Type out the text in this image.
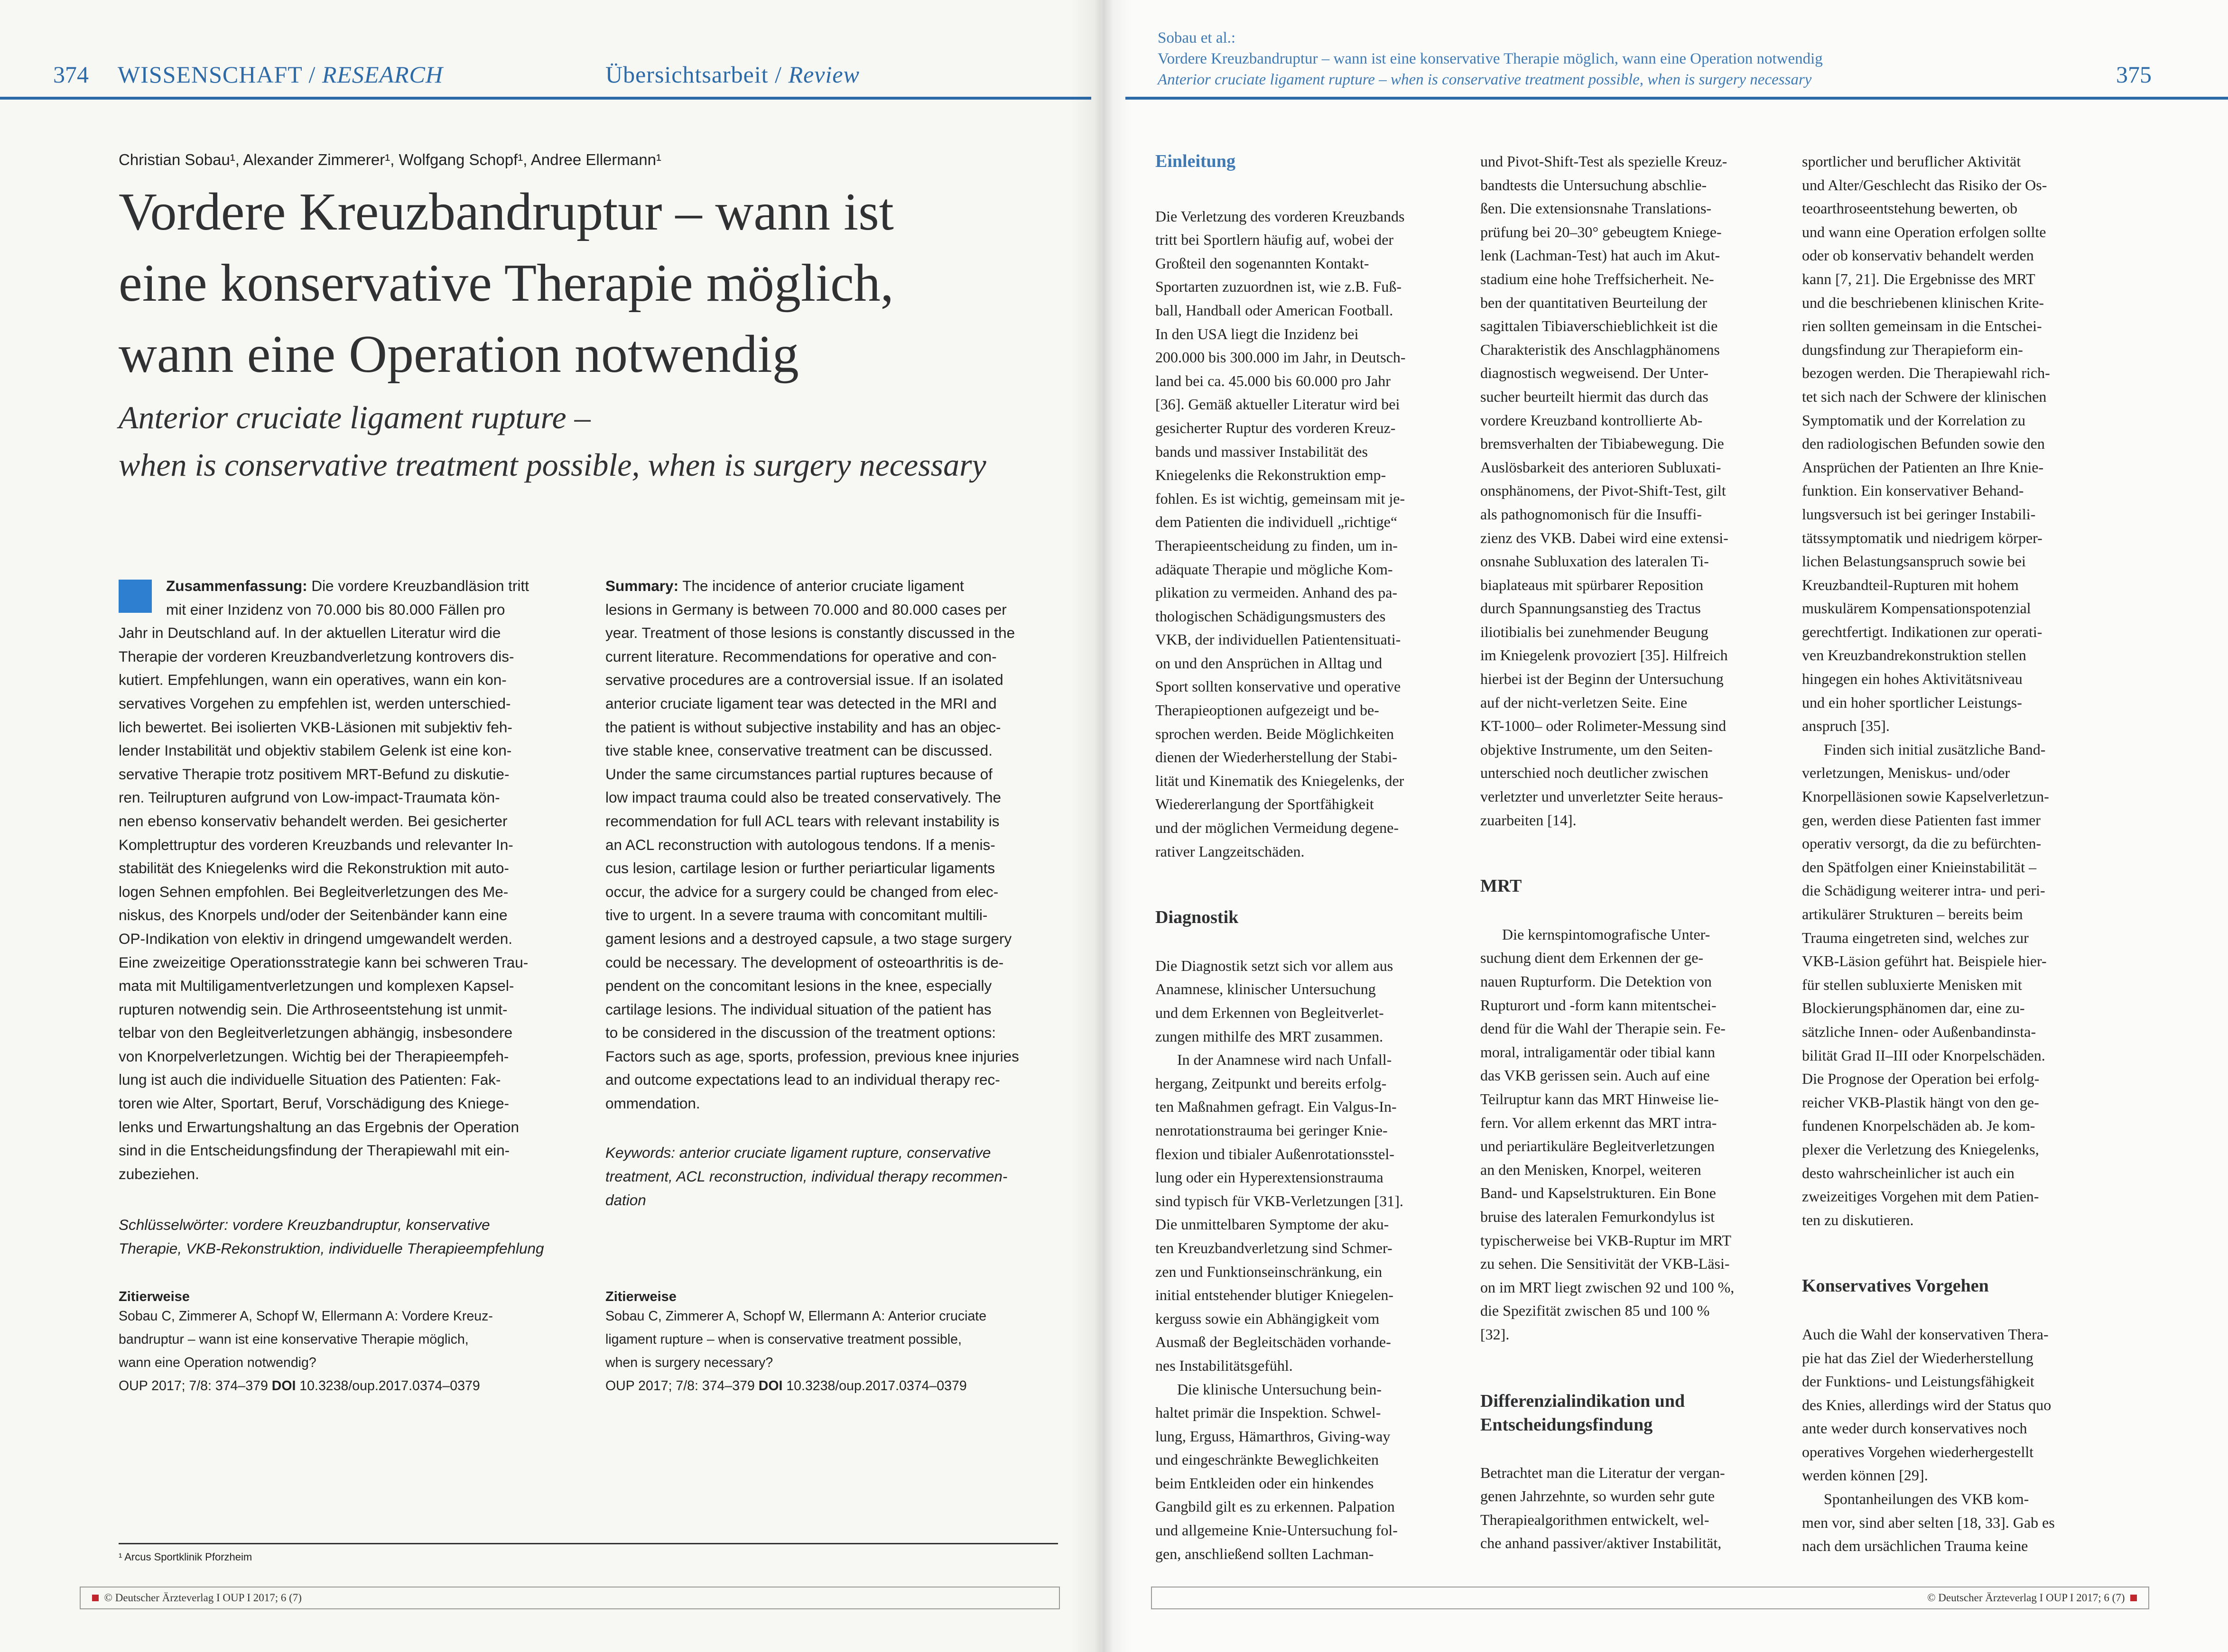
374 WISSENSCHAFT / RESEARCH	Übersichtsarbeit / Review
Christian Sobau¹, Alexander Zimmerer¹, Wolfgang Schopf¹, Andree Ellermann¹
Vordere Kreuzbandruptur – wann ist
eine konservative Therapie möglich,
wann eine Operation notwendig
Anterior cruciate ligament rupture –
when is conservative treatment possible, when is surgery necessary
Zusammenfassung: Die vordere Kreuzbandläsion tritt
mit einer Inzidenz von 70.000 bis 80.000 Fällen pro
Jahr in Deutschland auf. In der aktuellen Literatur wird die
Therapie der vorderen Kreuzbandverletzung kontrovers dis-
kutiert. Empfehlungen, wann ein operatives, wann ein kon-
servatives Vorgehen zu empfehlen ist, werden unterschied-
lich bewertet. Bei isolierten VKB-Läsionen mit subjektiv feh-
lender Instabilität und objektiv stabilem Gelenk ist eine kon-
servative Therapie trotz positivem MRT-Befund zu diskutie-
ren. Teilrupturen aufgrund von Low-impact-Traumata kön-
nen ebenso konservativ behandelt werden. Bei gesicherter
Komplettruptur des vorderen Kreuzbands und relevanter In-
stabilität des Kniegelenks wird die Rekonstruktion mit auto-
logen Sehnen empfohlen. Bei Begleitverletzungen des Me-
niskus, des Knorpels und/oder der Seitenbänder kann eine
OP-Indikation von elektiv in dringend umgewandelt werden.
Eine zweizeitige Operationsstrategie kann bei schweren Trau-
mata mit Multiligamentverletzungen und komplexen Kapsel-
rupturen notwendig sein. Die Arthroseentstehung ist unmit-
telbar von den Begleitverletzungen abhängig, insbesondere
von Knorpelverletzungen. Wichtig bei der Therapieempfeh-
lung ist auch die individuelle Situation des Patienten: Fak-
toren wie Alter, Sportart, Beruf, Vorschädigung des Kniege-
lenks und Erwartungshaltung an das Ergebnis der Operation
sind in die Entscheidungsfindung der Therapiewahl mit ein-
zubeziehen.
Schlüsselwörter: vordere Kreuzbandruptur, konservative
Therapie, VKB-Rekonstruktion, individuelle Therapieempfehlung
Zitierweise
Sobau C, Zimmerer A, Schopf W, Ellermann A: Vordere Kreuz-
bandruptur – wann ist eine konservative Therapie möglich,
wann eine Operation notwendig?
OUP 2017; 7/8: 374–379 DOI 10.3238/oup.2017.0374–0379
Summary: The incidence of anterior cruciate ligament
lesions in Germany is between 70.000 and 80.000 cases per
year. Treatment of those lesions is constantly discussed in the
current literature. Recommendations for operative and con-
servative procedures are a controversial issue. If an isolated
anterior cruciate ligament tear was detected in the MRI and
the patient is without subjective instability and has an objec-
tive stable knee, conservative treatment can be discussed.
Under the same circumstances partial ruptures because of
low impact trauma could also be treated conservatively. The
recommendation for full ACL tears with relevant instability is
an ACL reconstruction with autologous tendons. If a menis-
cus lesion, cartilage lesion or further periarticular ligaments
occur, the advice for a surgery could be changed from elec-
tive to urgent. In a severe trauma with concomitant multili-
gament lesions and a destroyed capsule, a two stage surgery
could be necessary. The development of osteoarthritis is de-
pendent on the concomitant lesions in the knee, especially
cartilage lesions. The individual situation of the patient has
to be considered in the discussion of the treatment options:
Factors such as age, sports, profession, previous knee injuries
and outcome expectations lead to an individual therapy rec-
ommendation.
Keywords: anterior cruciate ligament rupture, conservative
treatment, ACL reconstruction, individual therapy recommen-
dation
Zitierweise
Sobau C, Zimmerer A, Schopf W, Ellermann A: Anterior cruciate
ligament rupture – when is conservative treatment possible,
when is surgery necessary?
OUP 2017; 7/8: 374–379 DOI 10.3238/oup.2017.0374–0379
¹ Arcus Sportklinik Pforzheim
© Deutscher Ärzteverlag I OUP I 2017; 6 (7)
Sobau et al.:
Vordere Kreuzbandruptur – wann ist eine konservative Therapie möglich, wann eine Operation notwendig
Anterior cruciate ligament rupture – when is conservative treatment possible, when is surgery necessary	375

Einleitung

Die Verletzung des vorderen Kreuzbands
tritt bei Sportlern häufig auf, wobei der
Großteil den sogenannten Kontakt-
Sportarten zuzuordnen ist, wie z.B. Fuß-
ball, Handball oder American Football.
In den USA liegt die Inzidenz bei
200.000 bis 300.000 im Jahr, in Deutsch-
land bei ca. 45.000 bis 60.000 pro Jahr
[36]. Gemäß aktueller Literatur wird bei
gesicherter Ruptur des vorderen Kreuz-
bands und massiver Instabilität des
Kniegelenks die Rekonstruktion emp-
fohlen. Es ist wichtig, gemeinsam mit je-
dem Patienten die individuell „richtige“
Therapieentscheidung zu finden, um in-
adäquate Therapie und mögliche Kom-
plikation zu vermeiden. Anhand des pa-
thologischen Schädigungsmusters des
VKB, der individuellen Patientensituati-
on und den Ansprüchen in Alltag und
Sport sollten konservative und operative
Therapieoptionen aufgezeigt und be-
sprochen werden. Beide Möglichkeiten
dienen der Wiederherstellung der Stabi-
lität und Kinematik des Kniegelenks, der
Wiedererlangung der Sportfähigkeit
und der möglichen Vermeidung degene-
rativer Langzeitschäden.

Diagnostik

Die Diagnostik setzt sich vor allem aus
Anamnese, klinischer Untersuchung
und dem Erkennen von Begleitverlet-
zungen mithilfe des MRT zusammen.
In der Anamnese wird nach Unfall-
hergang, Zeitpunkt und bereits erfolg-
ten Maßnahmen gefragt. Ein Valgus-In-
nenrotationstrauma bei geringer Knie-
flexion und tibialer Außenrotationsstel-
lung oder ein Hyperextensionstrauma
sind typisch für VKB-Verletzungen [31].
Die unmittelbaren Symptome der aku-
ten Kreuzbandverletzung sind Schmer-
zen und Funktionseinschränkung, ein
initial entstehender blutiger Kniegelen-
kerguss sowie ein Abhängigkeit vom
Ausmaß der Begleitschäden vorhande-
nes Instabilitätsgefühl.
Die klinische Untersuchung bein-
haltet primär die Inspektion. Schwel-
lung, Erguss, Hämarthros, Giving-way
und eingeschränkte Beweglichkeiten
beim Entkleiden oder ein hinkendes
Gangbild gilt es zu erkennen. Palpation
und allgemeine Knie-Untersuchung fol-
gen, anschließend sollten Lachman-
und Pivot-Shift-Test als spezielle Kreuz-
bandtests die Untersuchung abschlie-
ßen. Die extensionsnahe Translations-
prüfung bei 20–30° gebeugtem Kniege-
lenk (Lachman-Test) hat auch im Akut-
stadium eine hohe Treffsicherheit. Ne-
ben der quantitativen Beurteilung der
sagittalen Tibiaverschieblichkeit ist die
Charakteristik des Anschlagphänomens
diagnostisch wegweisend. Der Unter-
sucher beurteilt hiermit das durch das
vordere Kreuzband kontrollierte Ab-
bremsverhalten der Tibiabewegung. Die
Auslösbarkeit des anterioren Subluxati-
onsphänomens, der Pivot-Shift-Test, gilt
als pathognomonisch für die Insuffi-
zienz des VKB. Dabei wird eine extensi-
onsnahe Subluxation des lateralen Ti-
biaplateaus mit spürbarer Reposition
durch Spannungsanstieg des Tractus
iliotibialis bei zunehmender Beugung
im Kniegelenk provoziert [35]. Hilfreich
hierbei ist der Beginn der Untersuchung
auf der nicht-verletzen Seite. Eine
KT-1000– oder Rolimeter-Messung sind
objektive Instrumente, um den Seiten-
unterschied noch deutlicher zwischen
verletzter und unverletzter Seite heraus-
zuarbeiten [14].

MRT

Die kernspintomografische Unter-
suchung dient dem Erkennen der ge-
nauen Rupturform. Die Detektion von
Rupturort und -form kann mitentschei-
dend für die Wahl der Therapie sein. Fe-
moral, intraligamentär oder tibial kann
das VKB gerissen sein. Auch auf eine
Teilruptur kann das MRT Hinweise lie-
fern. Vor allem erkennt das MRT intra-
und periartikuläre Begleitverletzungen
an den Menisken, Knorpel, weiteren
Band- und Kapselstrukturen. Ein Bone
bruise des lateralen Femurkondylus ist
typischerweise bei VKB-Ruptur im MRT
zu sehen. Die Sensitivität der VKB-Läsi-
on im MRT liegt zwischen 92 und 100 %,
die Spezifität zwischen 85 und 100 %
[32].
Differenzialindikation und
Entscheidungsfindung
Betrachtet man die Literatur der vergan-
genen Jahrzehnte, so wurden sehr gute
Therapiealgorithmen entwickelt, wel-
che anhand passiver/aktiver Instabilität,
sportlicher und beruflicher Aktivität
und Alter/Geschlecht das Risiko der Os-
teoarthroseentstehung bewerten, ob
und wann eine Operation erfolgen sollte
oder ob konservativ behandelt werden
kann [7, 21]. Die Ergebnisse des MRT
und die beschriebenen klinischen Krite-
rien sollten gemeinsam in die Entschei-
dungsfindung zur Therapieform ein-
bezogen werden. Die Therapiewahl rich-
tet sich nach der Schwere der klinischen
Symptomatik und der Korrelation zu
den radiologischen Befunden sowie den
Ansprüchen der Patienten an Ihre Knie-
funktion. Ein konservativer Behand-
lungsversuch ist bei geringer Instabili-
tätssymptomatik und niedrigem körper-
lichen Belastungsanspruch sowie bei
Kreuzbandteil-Rupturen mit hohem
muskulärem Kompensationspotenzial
gerechtfertigt. Indikationen zur operati-
ven Kreuzbandrekonstruktion stellen
hingegen ein hohes Aktivitätsniveau
und ein hoher sportlicher Leistungs-
anspruch [35].
Finden sich initial zusätzliche Band-
verletzungen, Meniskus- und/oder
Knorpelläsionen sowie Kapselverletzun-
gen, werden diese Patienten fast immer
operativ versorgt, da die zu befürchten-
den Spätfolgen einer Knieinstabilität –
die Schädigung weiterer intra- und peri-
artikulärer Strukturen – bereits beim
Trauma eingetreten sind, welches zur
VKB-Läsion geführt hat. Beispiele hier-
für stellen subluxierte Menisken mit
Blockierungsphänomen dar, eine zu-
sätzliche Innen- oder Außenbandinsta-
bilität Grad II–III oder Knorpelschäden.
Die Prognose der Operation bei erfolg-
reicher VKB-Plastik hängt von den ge-
fundenen Knorpelschäden ab. Je kom-
plexer die Verletzung des Kniegelenks,
desto wahrscheinlicher ist auch ein
zweizeitiges Vorgehen mit dem Patien-
ten zu diskutieren.

Konservatives Vorgehen

Auch die Wahl der konservativen Thera-
pie hat das Ziel der Wiederherstellung
der Funktions- und Leistungsfähigkeit
des Knies, allerdings wird der Status quo
ante weder durch konservatives noch
operatives Vorgehen wiederhergestellt
werden können [29].
Spontanheilungen des VKB kom-
men vor, sind aber selten [18, 33]. Gab es
nach dem ursächlichen Trauma keine
© Deutscher Ärzteverlag I OUP I 2017; 6 (7)
